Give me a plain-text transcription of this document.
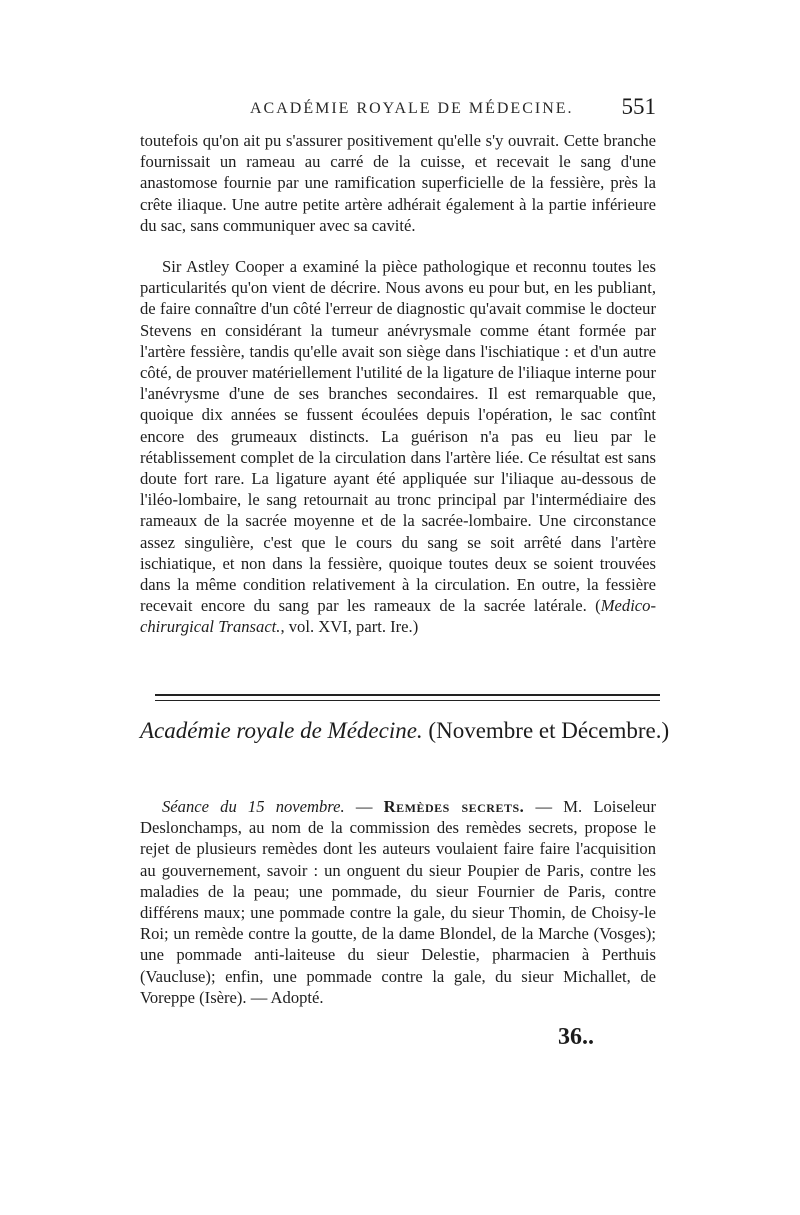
ACADÉMIE ROYALE DE MÉDECINE. 551

toutefois qu'on ait pu s'assurer positivement qu'elle s'y ouvrait. Cette branche fournissait un rameau au carré de la cuisse, et recevait le sang d'une anastomose fournie par une ramification superficielle de la fessière, près la crête iliaque. Une autre petite artère adhérait également à la partie inférieure du sac, sans communiquer avec sa cavité.

Sir Astley Cooper a examiné la pièce pathologique et reconnu toutes les particularités qu'on vient de décrire. Nous avons eu pour but, en les publiant, de faire connaître d'un côté l'erreur de diagnostic qu'avait commise le docteur Stevens en considérant la tumeur anévrysmale comme étant formée par l'artère fessière, tandis qu'elle avait son siège dans l'ischiatique : et d'un autre côté, de prouver matériellement l'utilité de la ligature de l'iliaque interne pour l'anévrysme d'une de ses branches secondaires. Il est remarquable que, quoique dix années se fussent écoulées depuis l'opération, le sac contînt encore des grumeaux distincts. La guérison n'a pas eu lieu par le rétablissement complet de la circulation dans l'artère liée. Ce résultat est sans doute fort rare. La ligature ayant été appliquée sur l'iliaque au-dessous de l'iléo-lombaire, le sang retournait au tronc principal par l'intermédiaire des rameaux de la sacrée moyenne et de la sacrée-lombaire. Une circonstance assez singulière, c'est que le cours du sang se soit arrêté dans l'artère ischiatique, et non dans la fessière, quoique toutes deux se soient trouvées dans la même condition relativement à la circulation. En outre, la fessière recevait encore du sang par les rameaux de la sacrée latérale. (Medico-chirurgical Transact., vol. XVI, part. Ire.)

Académie royale de Médecine. (Novembre et Décembre.)

Séance du 15 novembre. — Remèdes secrets. — M. Loiseleur Deslonchamps, au nom de la commission des remèdes secrets, propose le rejet de plusieurs remèdes dont les auteurs voulaient faire faire l'acquisition au gouvernement, savoir : un onguent du sieur Poupier de Paris, contre les maladies de la peau; une pommade, du sieur Fournier de Paris, contre différens maux; une pommade contre la gale, du sieur Thomin, de Choisy-le Roi; un remède contre la goutte, de la dame Blondel, de la Marche (Vosges); une pommade anti-laiteuse du sieur Delestie, pharmacien à Perthuis (Vaucluse); enfin, une pommade contre la gale, du sieur Michallet, de Voreppe (Isère). — Adopté.

36..
